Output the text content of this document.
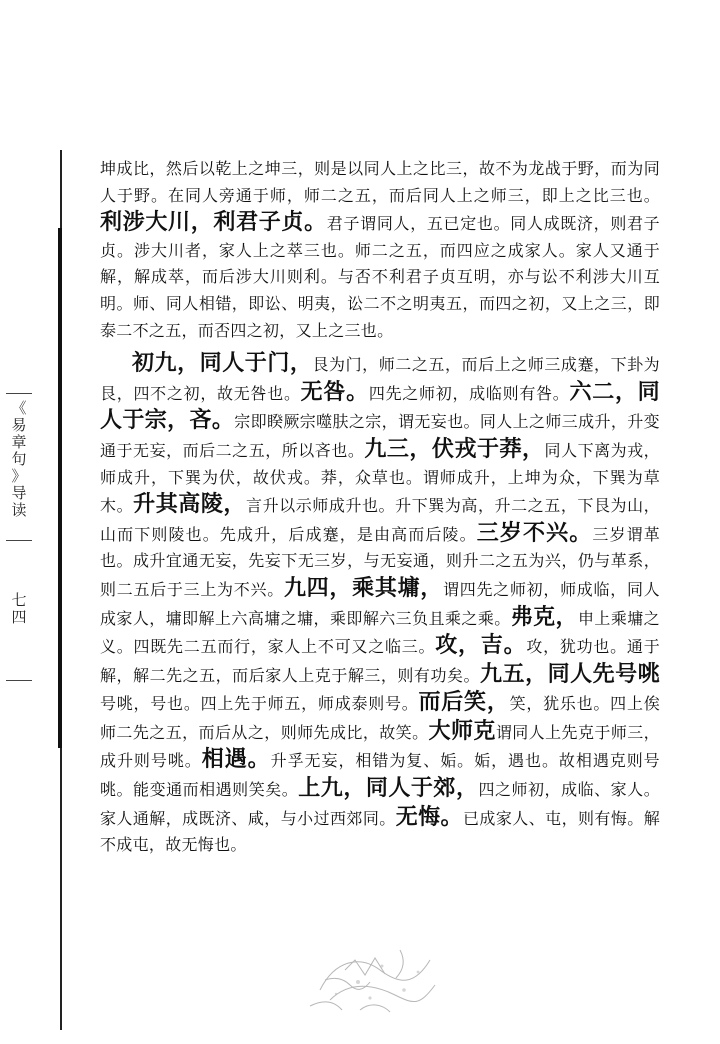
《
易
章
句
》
导
读
七
四

坤成比，然后以乾上之坤三，则是以同人上之比三，故不为龙战于野，而为同人于野。在同人旁通于师，师二之五，而后同人上之师三，即上之比三也。利涉大川，利君子贞。君子谓同人，五已定也。同人成既济，则君子贞。涉大川者，家人上之萃三也。师二之五，而四应之成家人。家人又通于解，解成萃，而后涉大川则利。与否不利君子贞互明，亦与讼不利涉大川互明。师、同人相错，即讼、明夷，讼二不之明夷五，而四之初，又上之三，即泰二不之五，而否四之初，又上之三也。

初九，同人于门，艮为门，师二之五，而后上之师三成蹇，下卦为艮，四不之初，故无咎也。无咎。四先之师初，成临则有咎。六二，同人于宗，吝。宗即睽厥宗噬肤之宗，谓无妄也。同人上之师三成升，升变通于无妄，而后二之五，所以吝也。九三，伏戎于莽，同人下离为戎，师成升，下巽为伏，故伏戎。莽，众草也。谓师成升，上坤为众，下巽为草木。升其高陵，言升以示师成升也。升下巽为高，升二之五，下艮为山，山而下则陵也。先成升，后成蹇，是由高而后陵。三岁不兴。三岁谓革也。成升宜通无妄，先妄下无三岁，与无妄通，则升二之五为兴，仍与革系，则二五后于三上为不兴。九四，乘其墉，谓四先之师初，师成临，同人成家人，墉即解上六高墉之墉，乘即解六三负且乘之乘。弗克，申上乘墉之义。四既先二五而行，家人上不可又之临三。攻，吉。攻，犹功也。通于解，解二先之五，而后家人上克于解三，则有功矣。九五，同人先号咷号咷，号也。四上先于师五，师成泰则号。而后笑，笑，犹乐也。四上俟师二先之五，而后从之，则师先成比，故笑。大师克谓同人上先克于师三，成升则号咷。相遇。升孚无妄，相错为复、姤。姤，遇也。故相遇克则号咷。能变通而相遇则笑矣。上九，同人于郊，四之师初，成临、家人。家人通解，成既济、咸，与小过西郊同。无悔。已成家人、屯，则有悔。解不成屯，故无悔也。
